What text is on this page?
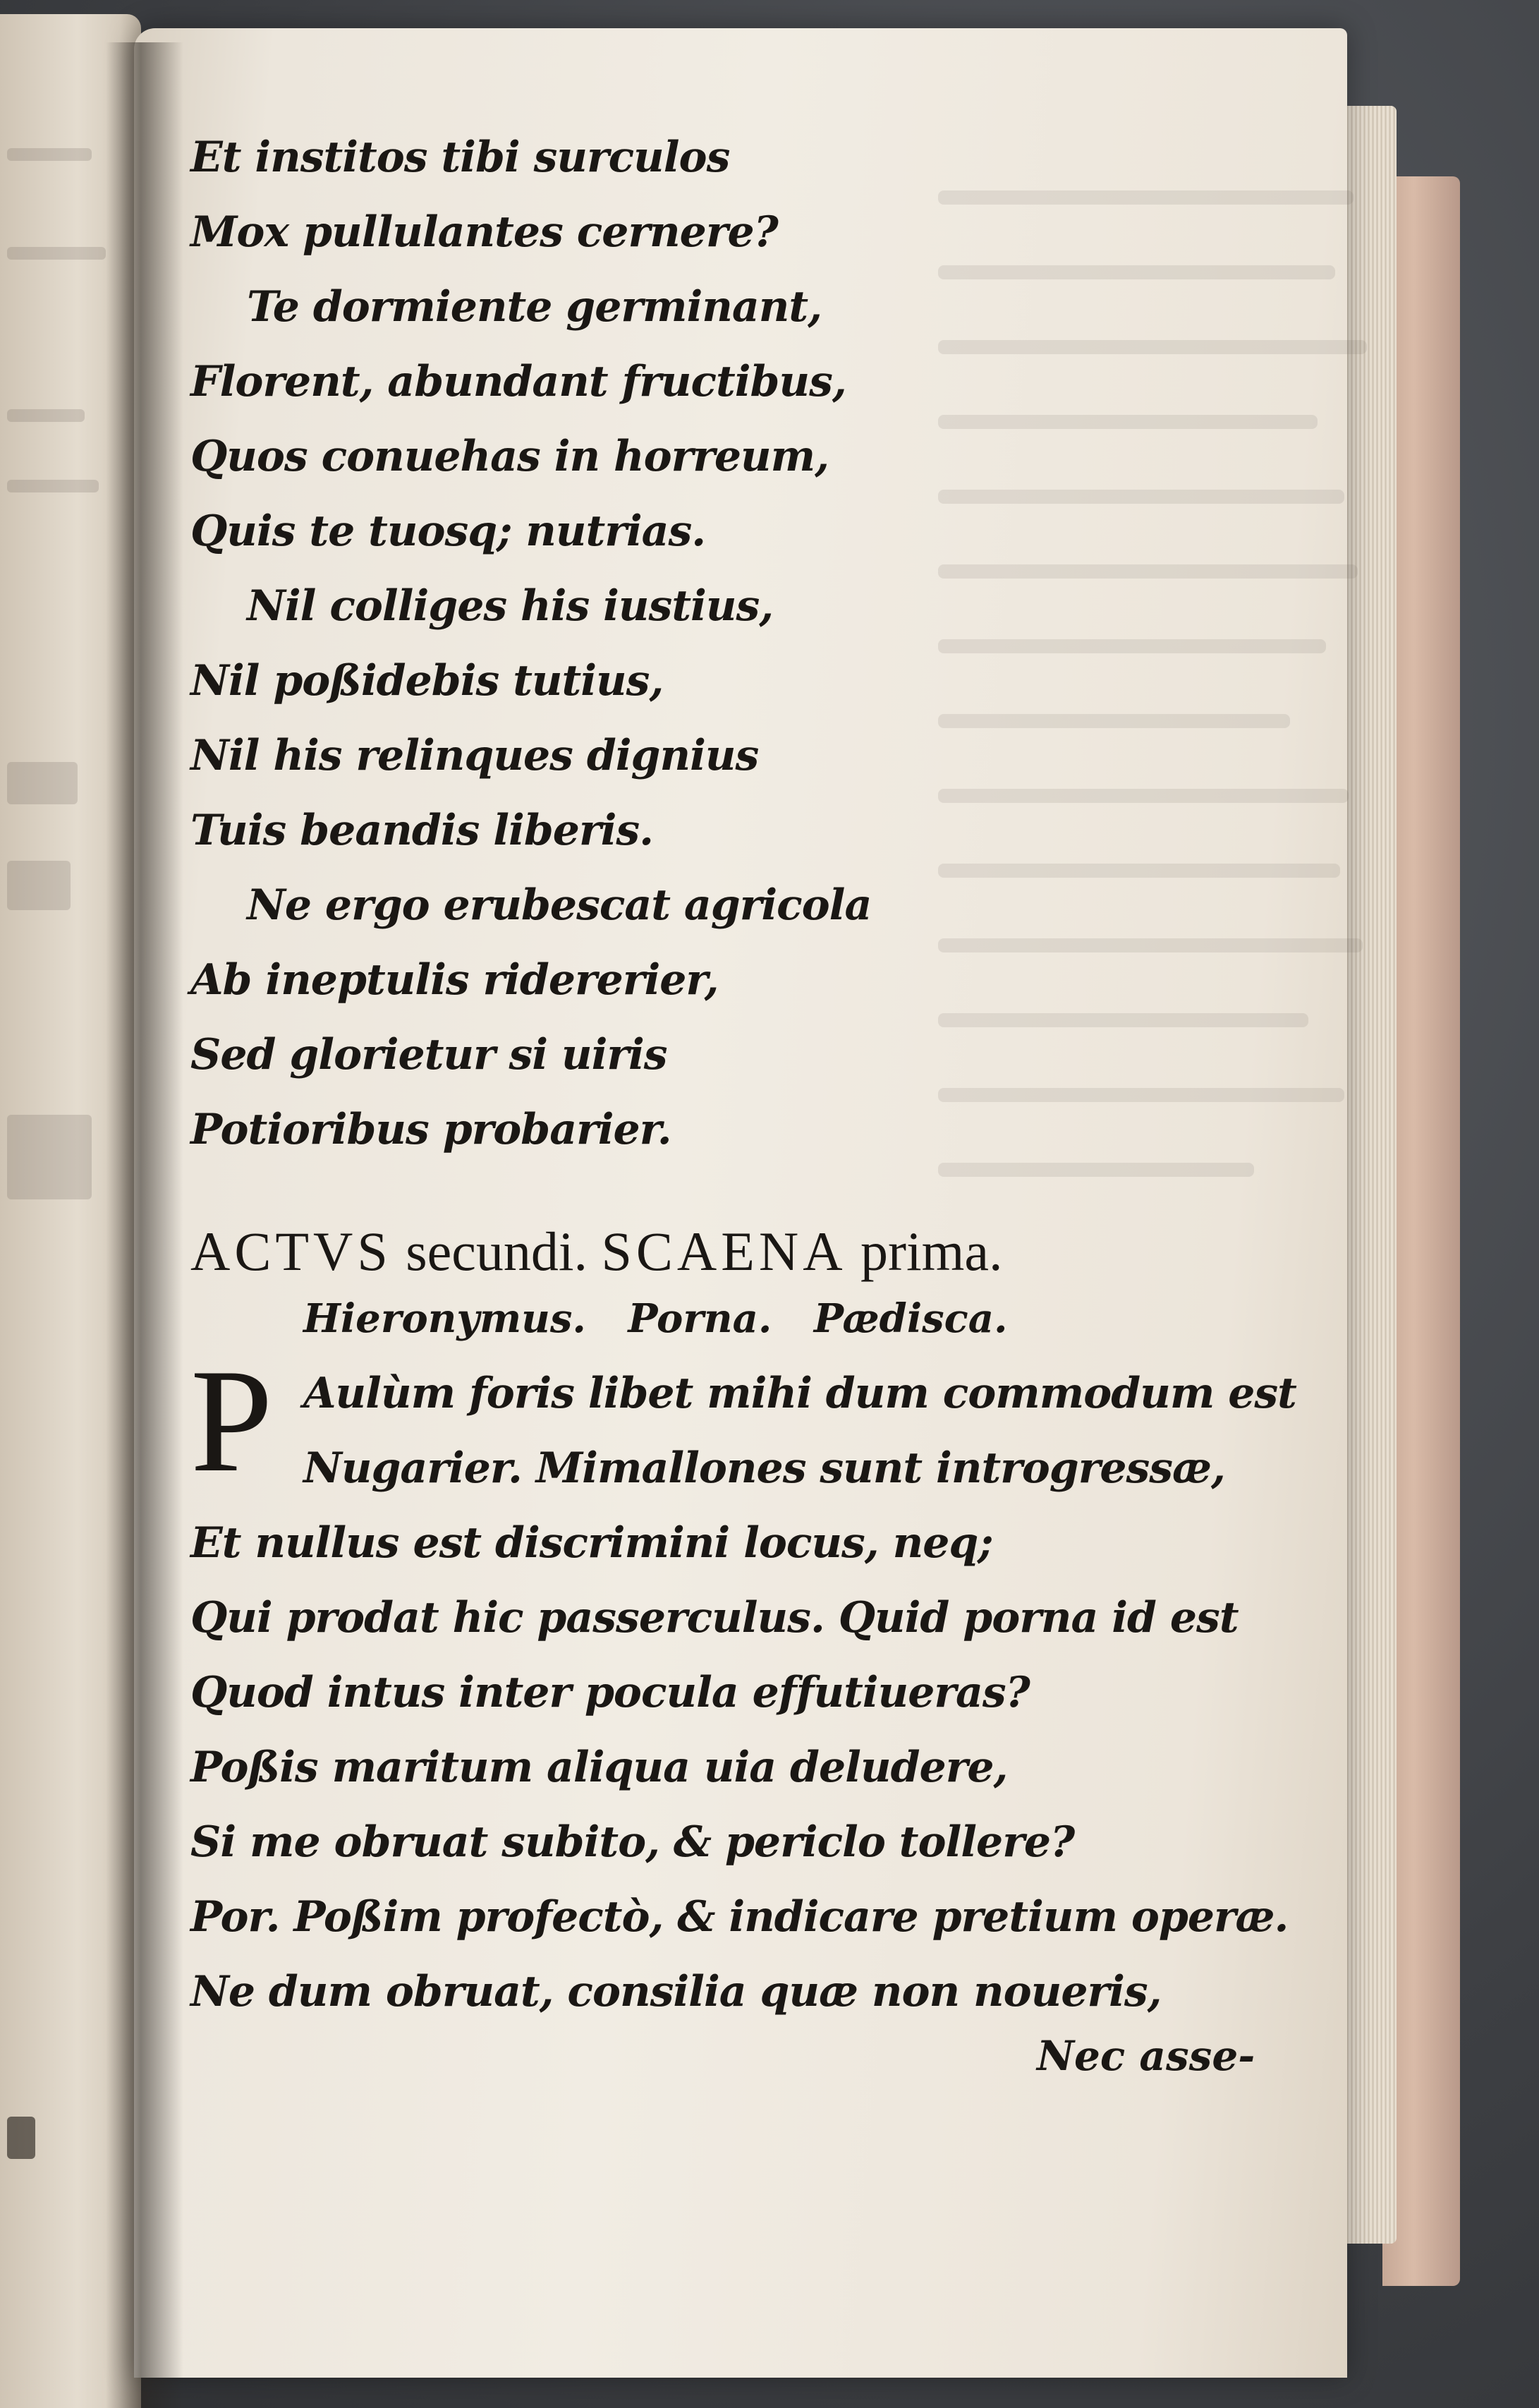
Et institos tibi surculos
Mox pullulantes cernere?
Te dormiente germinant,
Florent, abundant fructibus,
Quos conuehas in horreum,
Quis te tuosq; nutrias.
Nil colliges his iustius,
Nil poßidebis tutius,
Nil his relinques dignius
Tuis beandis liberis.
Ne ergo erubescat agricola
Ab ineptulis ridererier,
Sed glorietur si uiris
Potioribus probarier.
ACTVS secundi. SCAENA prima.
Hieronymus. Porna. Pædisca.
P Aulùm foris libet mihi dum commodum est
Nugarier. Mimallones sunt introgressæ,
Et nullus est discrimini locus, neq;
Qui prodat hic passerculus. Quid porna id est
Quod intus inter pocula effutiueras?
Poßis maritum aliqua uia deludere,
Si me obruat subito, & periclo tollere?
Por. Poßim profectò, & indicare pretium operæ.
Ne dum obruat, consilia quæ non noueris,
Nec asse-
